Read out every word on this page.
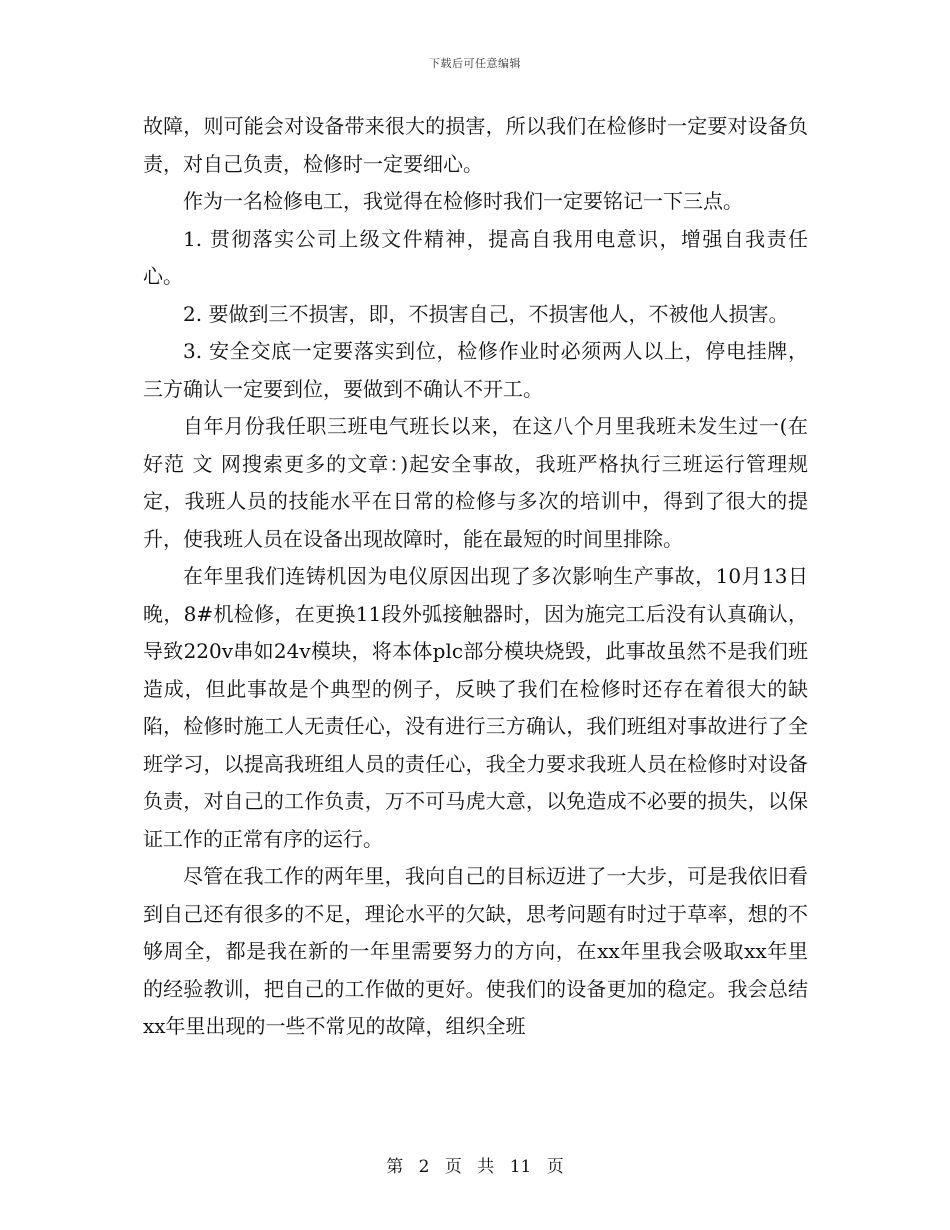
下载后可任意编辑

故障，则可能会对设备带来很大的损害，所以我们在检修时一定要对设备负责，对自己负责，检修时一定要细心。

作为一名检修电工，我觉得在检修时我们一定要铭记一下三点。

1. 贯彻落实公司上级文件精神，提高自我用电意识，增强自我责任心。

2. 要做到三不损害，即，不损害自己，不损害他人，不被他人损害。

3. 安全交底一定要落实到位，检修作业时必须两人以上，停电挂牌，三方确认一定要到位，要做到不确认不开工。

自年月份我任职三班电气班长以来，在这八个月里我班未发生过一(在好范 文 网搜索更多的文章：)起安全事故，我班严格执行三班运行管理规定，我班人员的技能水平在日常的检修与多次的培训中，得到了很大的提升，使我班人员在设备出现故障时，能在最短的时间里排除。

在年里我们连铸机因为电仪原因出现了多次影响生产事故，10月13日晚，8#机检修，在更换11段外弧接触器时，因为施完工后没有认真确认，导致220v串如24v模块，将本体plc部分模块烧毁，此事故虽然不是我们班造成，但此事故是个典型的例子，反映了我们在检修时还存在着很大的缺陷，检修时施工人无责任心，没有进行三方确认，我们班组对事故进行了全班学习，以提高我班组人员的责任心，我全力要求我班人员在检修时对设备负责，对自己的工作负责，万不可马虎大意，以免造成不必要的损失，以保证工作的正常有序的运行。

尽管在我工作的两年里，我向自己的目标迈进了一大步，可是我依旧看到自己还有很多的不足，理论水平的欠缺，思考问题有时过于草率，想的不够周全，都是我在新的一年里需要努力的方向，在xx年里我会吸取xx年里的经验教训，把自己的工作做的更好。使我们的设备更加的稳定。我会总结xx年里出现的一些不常见的故障，组织全班

第 2 页 共 11 页
